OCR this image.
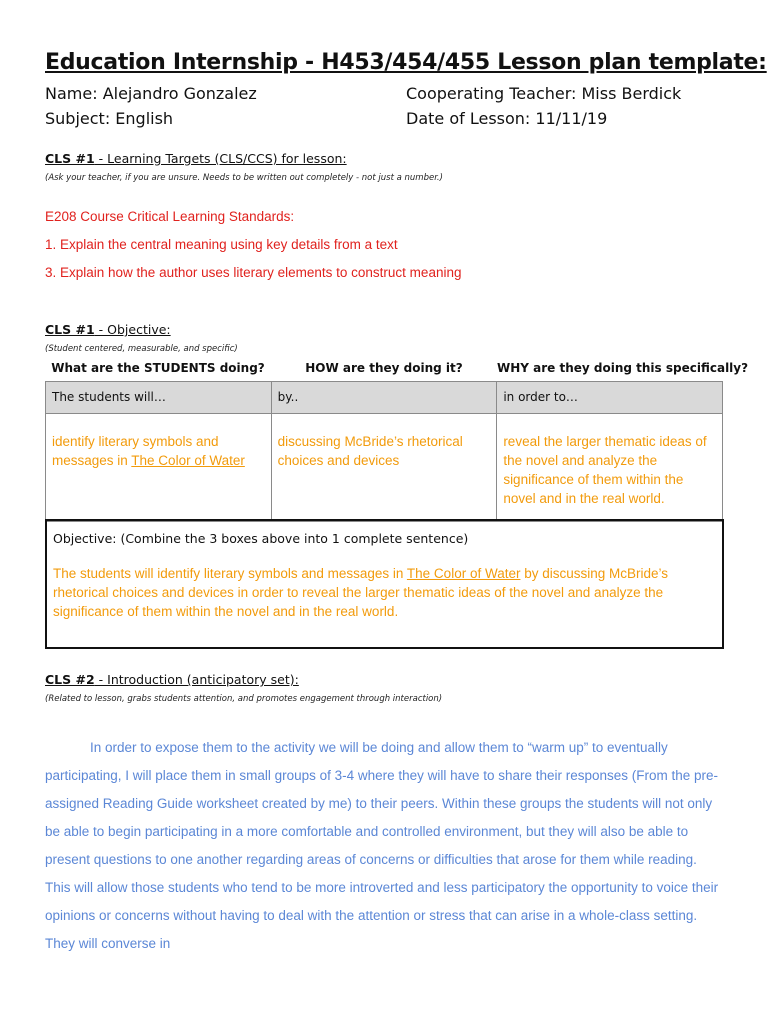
Education Internship - H453/454/455 Lesson plan template:
Name: Alejandro Gonzalez
Subject: English
Cooperating Teacher: Miss Berdick
Date of Lesson: 11/11/19
CLS #1 - Learning Targets (CLS/CCS) for lesson:
(Ask your teacher, if you are unsure. Needs to be written out completely - not just a number.)
E208 Course Critical Learning Standards:
1. Explain the central meaning using key details from a text
3. Explain how the author uses literary elements to construct meaning
CLS #1 - Objective:
(Student centered, measurable, and specific)
What are the STUDENTS doing?	HOW are they doing it?	WHY are they doing this specifically?
The students will…	by..	in order to…
identify literary symbols and messages in The Color of Water	discussing McBride’s rhetorical choices and devices	reveal the larger thematic ideas of the novel and analyze the significance of them within the novel and in the real world.
Objective: (Combine the 3 boxes above into 1 complete sentence)
The students will identify literary symbols and messages in The Color of Water by discussing McBride’s rhetorical choices and devices in order to reveal the larger thematic ideas of the novel and analyze the significance of them within the novel and in the real world.
CLS #2 - Introduction (anticipatory set):
(Related to lesson, grabs students attention, and promotes engagement through interaction)
In order to expose them to the activity we will be doing and allow them to “warm up” to eventually participating, I will place them in small groups of 3-4 where they will have to share their responses (From the pre-assigned Reading Guide worksheet created by me) to their peers. Within these groups the students will not only be able to begin participating in a more comfortable and controlled environment, but they will also be able to present questions to one another regarding areas of concerns or difficulties that arose for them while reading. This will allow those students who tend to be more introverted and less participatory the opportunity to voice their opinions or concerns without having to deal with the attention or stress that can arise in a whole-class setting. They will converse in
